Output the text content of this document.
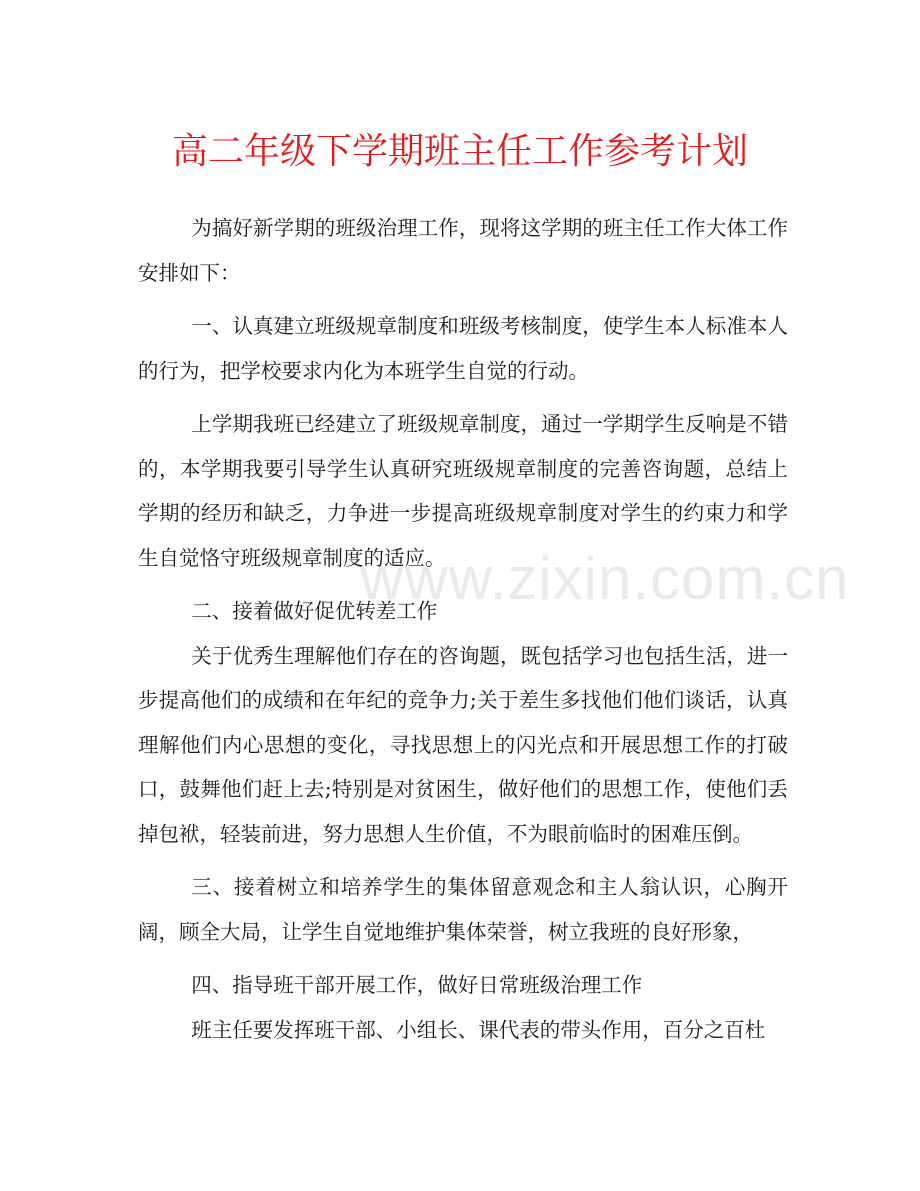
高二年级下学期班主任工作参考计划
www.zixin.com.cn

为搞好新学期的班级治理工作，现将这学期的班主任工作大体工作安排如下：

一、认真建立班级规章制度和班级考核制度，使学生本人标准本人的行为，把学校要求内化为本班学生自觉的行动。

上学期我班已经建立了班级规章制度，通过一学期学生反响是不错的，本学期我要引导学生认真研究班级规章制度的完善咨询题，总结上学期的经历和缺乏，力争进一步提高班级规章制度对学生的约束力和学生自觉恪守班级规章制度的适应。

二、接着做好促优转差工作

关于优秀生理解他们存在的咨询题，既包括学习也包括生活，进一步提高他们的成绩和在年纪的竞争力;关于差生多找他们他们谈话，认真理解他们内心思想的变化，寻找思想上的闪光点和开展思想工作的打破口，鼓舞他们赶上去;特别是对贫困生，做好他们的思想工作，使他们丢掉包袱，轻装前进，努力思想人生价值，不为眼前临时的困难压倒。

三、接着树立和培养学生的集体留意观念和主人翁认识，心胸开阔，顾全大局，让学生自觉地维护集体荣誉，树立我班的良好形象，

四、指导班干部开展工作，做好日常班级治理工作

班主任要发挥班干部、小组长、课代表的带头作用，百分之百杜
